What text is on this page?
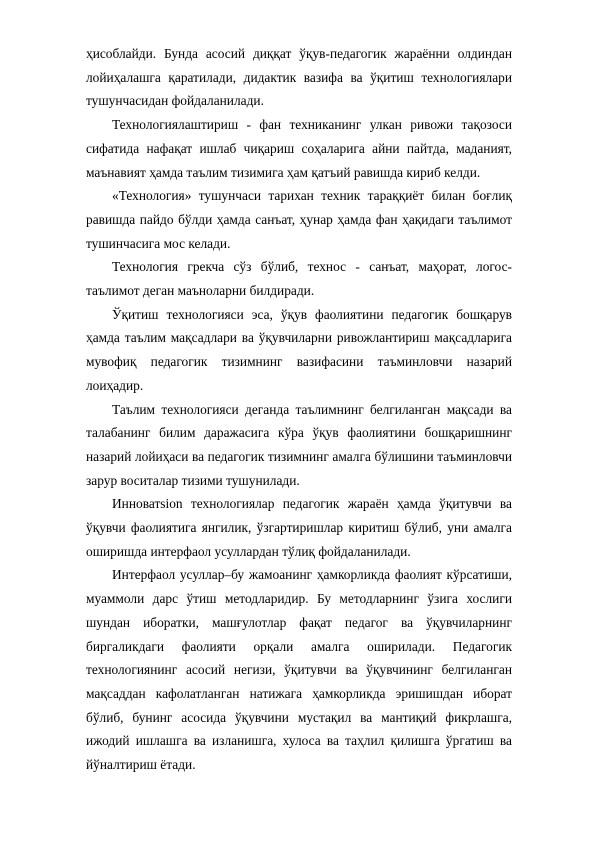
ҳисоблайди. Бунда асосий диққат ўқув-педагогик жараённи олдиндан лойиҳалашга қаратилади, дидактик вазифа ва ўқитиш технологиялари тушунчасидан фойдаланилади.

Технологиялаштириш - фан техниканинг улкан ривожи тақозоси сифатида нафақат ишлаб чиқариш соҳаларига айни пайтда, маданият, маънавият ҳамда таълим тизимига ҳам қатъий равишда кириб келди.

«Технология» тушунчаси тарихан техник тараққиёт билан боғлиқ равишда пайдо бўлди ҳамда санъат, ҳунар ҳамда фан ҳақидаги таълимот тушинчасига мос келади.

Технология грекча сўз бўлиб, технос - санъат, маҳорат, логос- таълимот деган маъноларни билдиради.

Ўқитиш технологияси эса, ўқув фаолиятини педагогик бошқарув ҳамда таълим мақсадлари ва ўқувчиларни ривожлантириш мақсадларига мувофиқ педагогик тизимнинг вазифасини таъминловчи назарий лоиҳадир.

Таълим технологияси деганда таълимнинг белгиланган мақсади ва талабанинг билим даражасига кўра ўқув фаолиятини бошқаришнинг назарий лойиҳаси ва педагогик тизимнинг амалга бўлишини таъминловчи зарур воситалар тизими тушунилади.

Инноватsion технологиялар педагогик жараён ҳамда ўқитувчи ва ўқувчи фаолиятига янгилик, ўзгартиришлар киритиш бўлиб, уни амалга оширишда интерфаол усуллардан тўлиқ фойдаланилади.

Интерфаол усуллар–бу жамоанинг ҳамкорликда фаолият кўрсатиши, муаммоли дарс ўтиш методларидир. Бу методларнинг ўзига хослиги шундан иборатки, машғулотлар фақат педагог ва ўқувчиларнинг биргаликдаги фаолияти орқали амалга оширилади. Педагогик технологиянинг асосий негизи, ўқитувчи ва ўқувчининг белгиланган мақсаддан кафолатланган натижага ҳамкорликда эришишдан иборат бўлиб, бунинг асосида ўқувчини мустақил ва мантиқий фикрлашга, ижодий ишлашга ва изланишга, хулоса ва таҳлил қилишга ўргатиш ва йўналтириш ётади.
